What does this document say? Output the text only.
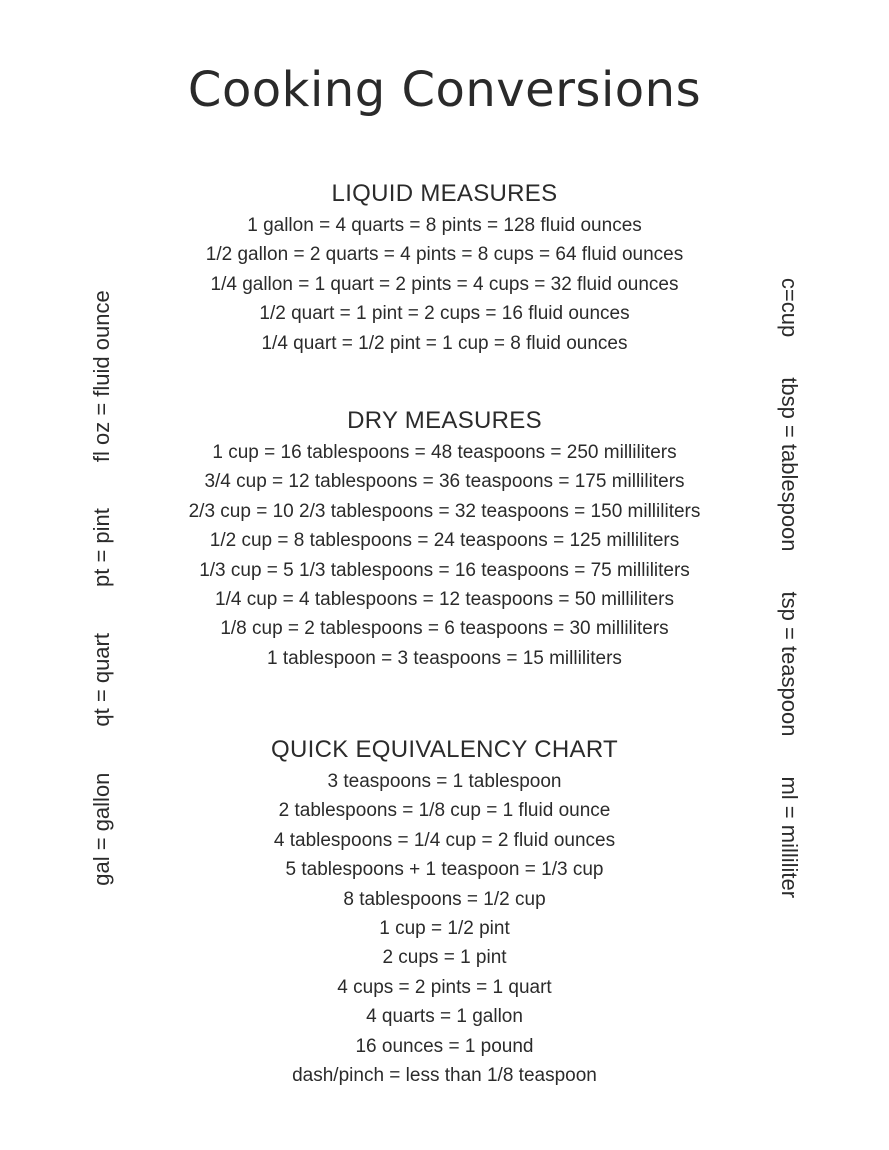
Cooking Conversions
LIQUID MEASURES
1 gallon = 4 quarts = 8 pints = 128 fluid ounces
1/2 gallon = 2 quarts = 4 pints = 8 cups = 64 fluid ounces
1/4 gallon = 1 quart = 2 pints = 4 cups = 32 fluid ounces
1/2 quart = 1 pint = 2 cups = 16 fluid ounces
1/4 quart = 1/2 pint = 1 cup = 8 fluid ounces
DRY MEASURES
1 cup = 16 tablespoons = 48 teaspoons = 250 milliliters
3/4 cup = 12 tablespoons = 36 teaspoons = 175 milliliters
2/3 cup = 10 2/3 tablespoons = 32 teaspoons = 150 milliliters
1/2 cup = 8 tablespoons = 24 teaspoons = 125 milliliters
1/3 cup = 5 1/3 tablespoons = 16 teaspoons = 75 milliliters
1/4 cup = 4 tablespoons = 12 teaspoons = 50 milliliters
1/8 cup = 2 tablespoons = 6 teaspoons = 30 milliliters
1 tablespoon = 3 teaspoons = 15 milliliters
QUICK EQUIVALENCY CHART
3 teaspoons = 1 tablespoon
2 tablespoons = 1/8 cup = 1 fluid ounce
4 tablespoons = 1/4 cup = 2 fluid ounces
5 tablespoons + 1 teaspoon = 1/3 cup
8 tablespoons = 1/2 cup
1 cup = 1/2 pint
2 cups = 1 pint
4 cups = 2 pints = 1 quart
4 quarts = 1 gallon
16 ounces = 1 pound
dash/pinch = less than 1/8 teaspoon
gal = gallon
qt = quart
pt = pint
fl oz = fluid ounce	c=cup
tbsp = tablespoon
tsp = teaspoon
ml = milliliter
